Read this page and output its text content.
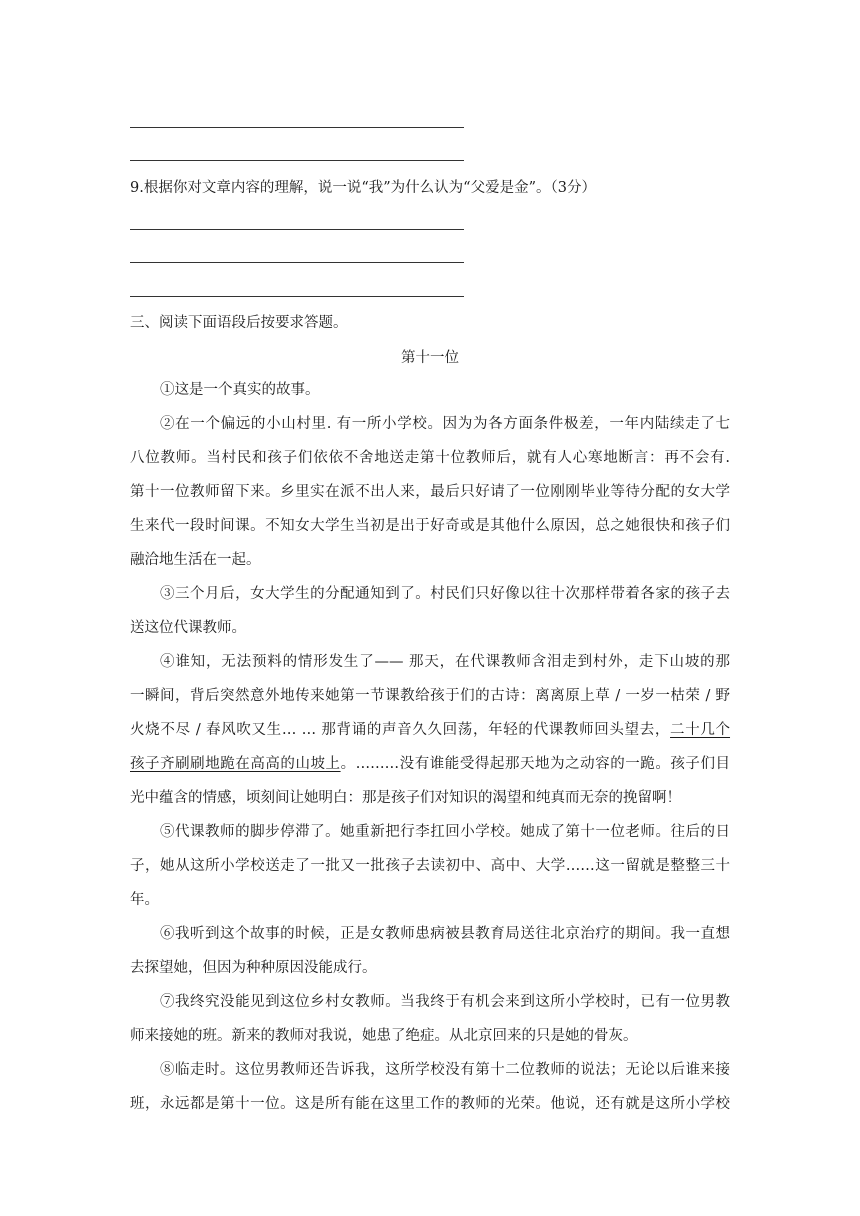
9.根据你对文章内容的理解，说一说“我”为什么认为“父爱是金”。（3分）
三、阅读下面语段后按要求答题。
第十一位
①这是一个真实的故事。
②在一个偏远的小山村里. 有一所小学校。因为为各方面条件极差，一年内陆续走了七
八位教师。当村民和孩子们依依不舍地送走第十位教师后，就有人心寒地断言：再不会有.
第十一位教师留下来。乡里实在派不出人来，最后只好请了一位刚刚毕业等待分配的女大学
生来代一段时间课。不知女大学生当初是出于好奇或是其他什么原因，总之她很快和孩子们
融洽地生活在一起。
③三个月后，女大学生的分配通知到了。村民们只好像以往十次那样带着各家的孩子去
送这位代课教师。
④谁知，无法预料的情形发生了—— 那天，在代课教师含泪走到村外，走下山坡的那
一瞬间，背后突然意外地传来她第一节课教给孩于们的古诗：离离原上草 / 一岁一枯荣 / 野
火烧不尽 / 春风吹又生… … 那背诵的声音久久回荡，年轻的代课教师回头望去，二十几个
孩子齐刷刷地跪在高高的山坡上。………没有谁能受得起那天地为之动容的一跪。孩子们目
光中蕴含的情感，顷刻间让她明白：那是孩子们对知识的渴望和纯真而无奈的挽留啊！
⑤代课教师的脚步停滞了。她重新把行李扛回小学校。她成了第十一位老师。往后的日
子，她从这所小学校送走了一批又一批孩子去读初中、高中、大学……这一留就是整整三十
年。
⑥我听到这个故事的时候，正是女教师患病被县教育局送往北京治疗的期间。我一直想
去探望她，但因为种种原因没能成行。
⑦我终究没能见到这位乡村女教师。当我终于有机会来到这所小学校时，已有一位男教
师来接她的班。新来的教师对我说，她患了绝症。从北京回来的只是她的骨灰。
⑧临走时。这位男教师还告诉我，这所学校没有第十二位教师的说法；无论以后谁来接
班，永远都是第十一位。这是所有能在这里工作的教师的光荣。他说，还有就是这所小学校
